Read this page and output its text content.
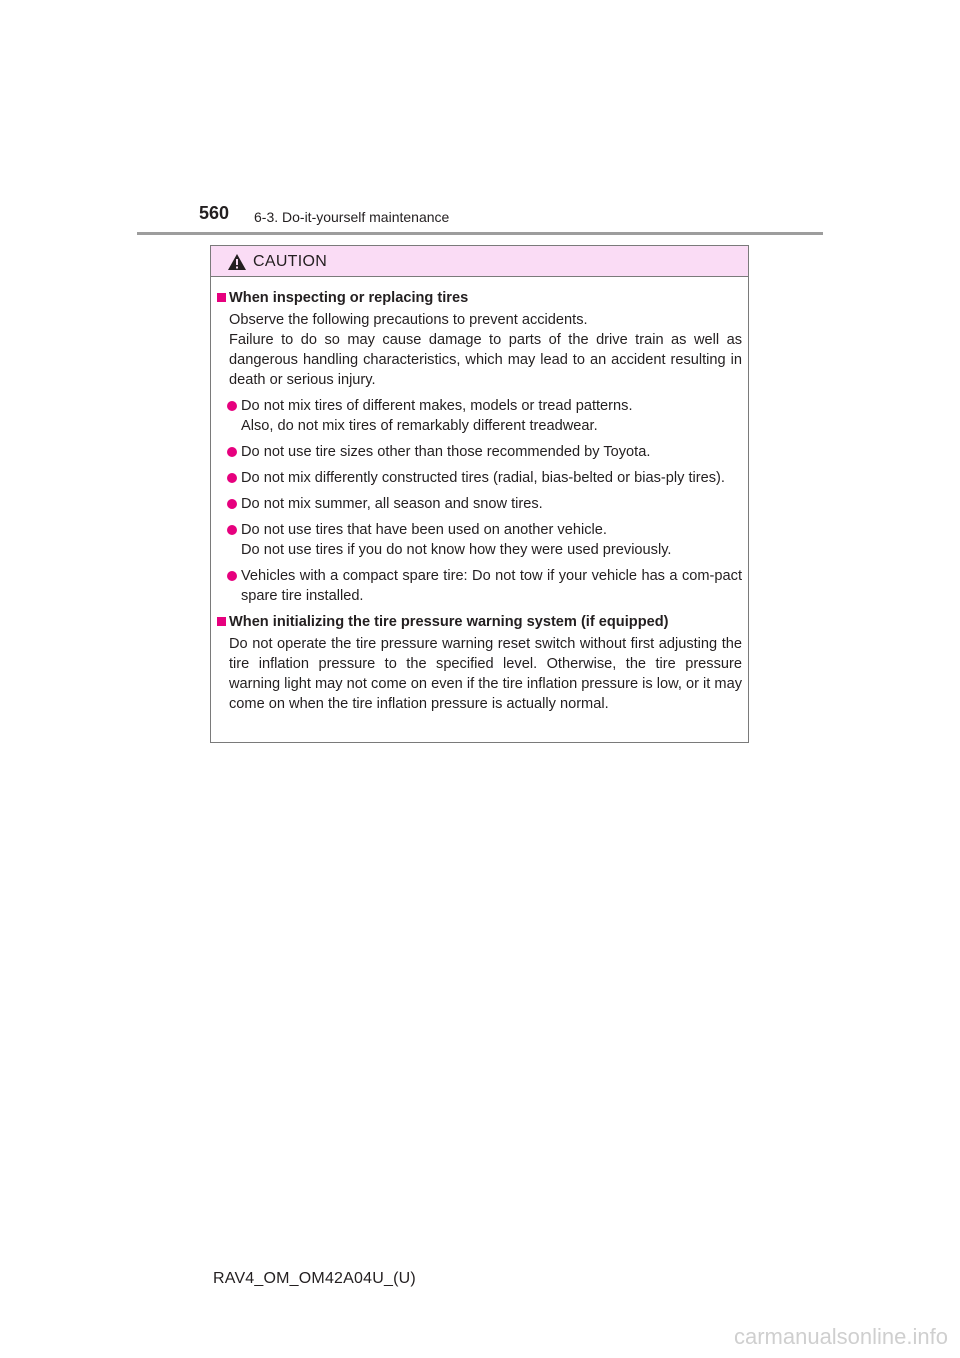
560 6-3. Do-it-yourself maintenance
CAUTION
When inspecting or replacing tires
Observe the following precautions to prevent accidents.
Failure to do so may cause damage to parts of the drive train as well as dangerous handling characteristics, which may lead to an accident resulting in death or serious injury.
Do not mix tires of different makes, models or tread patterns.
Also, do not mix tires of remarkably different treadwear.
Do not use tire sizes other than those recommended by Toyota.
Do not mix differently constructed tires (radial, bias-belted or bias-ply tires).
Do not mix summer, all season and snow tires.
Do not use tires that have been used on another vehicle.
Do not use tires if you do not know how they were used previously.
Vehicles with a compact spare tire: Do not tow if your vehicle has a com-pact spare tire installed.
When initializing the tire pressure warning system (if equipped)
Do not operate the tire pressure warning reset switch without first adjusting the tire inflation pressure to the specified level. Otherwise, the tire pressure warning light may not come on even if the tire inflation pressure is low, or it may come on when the tire inflation pressure is actually normal.
RAV4_OM_OM42A04U_(U)
carmanualsonline.info
